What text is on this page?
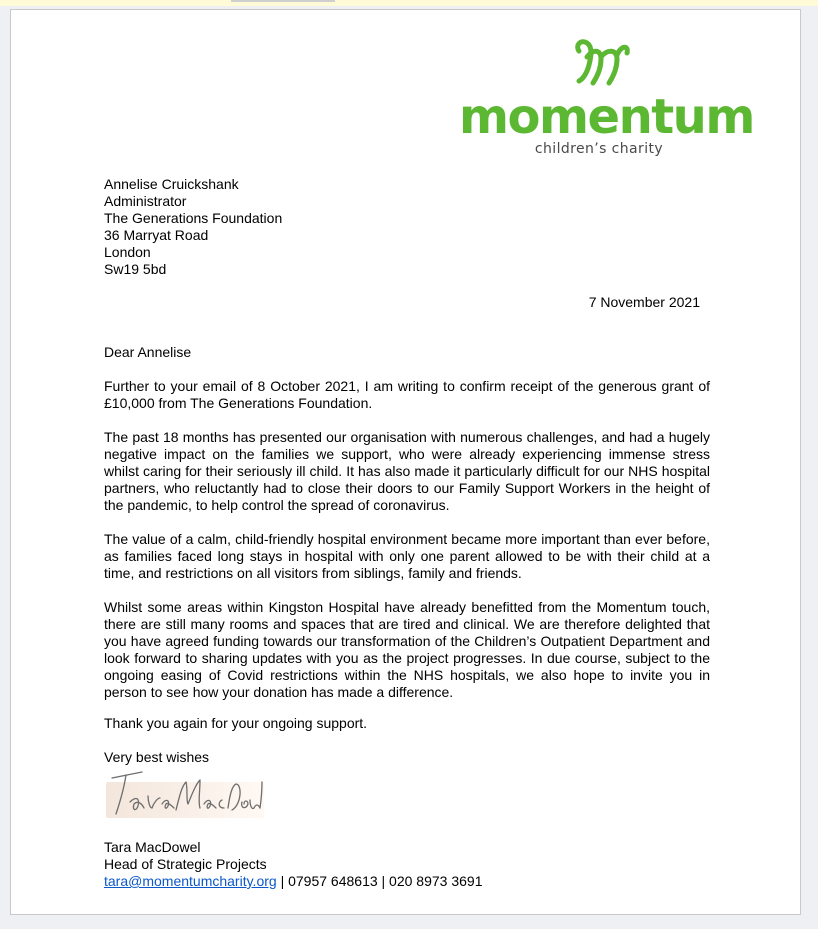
momentum
children’s charity
Annelise Cruickshank
Administrator
The Generations Foundation
36 Marryat Road
London
Sw19 5bd
7 November 2021
Dear Annelise
Further to your email of 8 October 2021, I am writing to confirm receipt of the generous grant of £10,000 from The Generations Foundation.
The past 18 months has presented our organisation with numerous challenges, and had a hugely negative impact on the families we support, who were already experiencing immense stress whilst caring for their seriously ill child. It has also made it particularly difficult for our NHS hospital partners, who reluctantly had to close their doors to our Family Support Workers in the height of the pandemic, to help control the spread of coronavirus.
The value of a calm, child-friendly hospital environment became more important than ever before, as families faced long stays in hospital with only one parent allowed to be with their child at a time, and restrictions on all visitors from siblings, family and friends.
Whilst some areas within Kingston Hospital have already benefitted from the Momentum touch, there are still many rooms and spaces that are tired and clinical. We are therefore delighted that you have agreed funding towards our transformation of the Children’s Outpatient Department and look forward to sharing updates with you as the project progresses. In due course, subject to the ongoing easing of Covid restrictions within the NHS hospitals, we also hope to invite you in person to see how your donation has made a difference.
Thank you again for your ongoing support.
Very best wishes
Tara MacDowel
Head of Strategic Projects
tara@momentumcharity.org | 07957 648613 | 020 8973 3691
